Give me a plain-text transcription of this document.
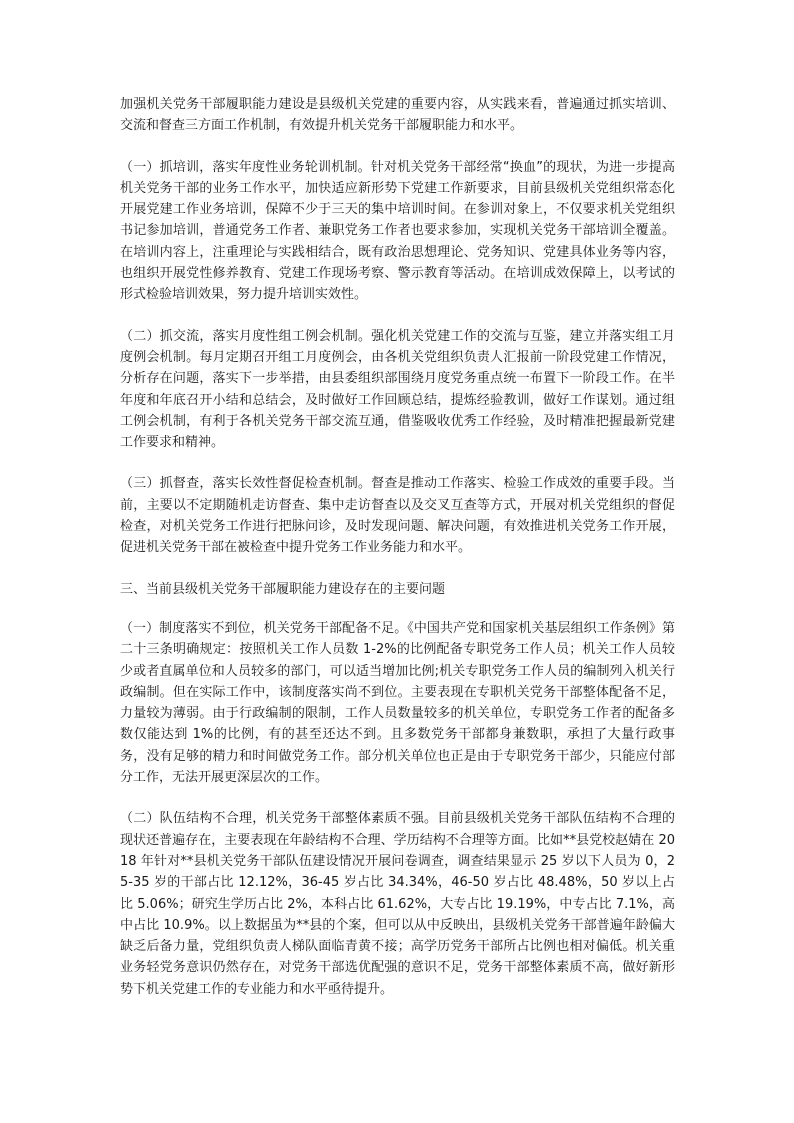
加强机关党务干部履职能力建设是县级机关党建的重要内容，从实践来看，普遍通过抓实培训、交流和督查三方面工作机制，有效提升机关党务干部履职能力和水平。

（一）抓培训，落实年度性业务轮训机制。针对机关党务干部经常“换血”的现状，为进一步提高机关党务干部的业务工作水平，加快适应新形势下党建工作新要求，目前县级机关党组织常态化开展党建工作业务培训，保障不少于三天的集中培训时间。在参训对象上，不仅要求机关党组织书记参加培训，普通党务工作者、兼职党务工作者也要求参加，实现机关党务干部培训全覆盖。在培训内容上，注重理论与实践相结合，既有政治思想理论、党务知识、党建具体业务等内容，也组织开展党性修养教育、党建工作现场考察、警示教育等活动。在培训成效保障上，以考试的形式检验培训效果，努力提升培训实效性。

（二）抓交流，落实月度性组工例会机制。强化机关党建工作的交流与互鉴，建立并落实组工月度例会机制。每月定期召开组工月度例会，由各机关党组织负责人汇报前一阶段党建工作情况，分析存在问题，落实下一步举措，由县委组织部围绕月度党务重点统一布置下一阶段工作。在半年度和年底召开小结和总结会，及时做好工作回顾总结，提炼经验教训，做好工作谋划。通过组工例会机制，有利于各机关党务干部交流互通，借鉴吸收优秀工作经验，及时精准把握最新党建工作要求和精神。

（三）抓督查，落实长效性督促检查机制。督查是推动工作落实、检验工作成效的重要手段。当前，主要以不定期随机走访督查、集中走访督查以及交叉互查等方式，开展对机关党组织的督促检查，对机关党务工作进行把脉问诊，及时发现问题、解决问题，有效推进机关党务工作开展，促进机关党务干部在被检查中提升党务工作业务能力和水平。

三、当前县级机关党务干部履职能力建设存在的主要问题

（一）制度落实不到位，机关党务干部配备不足。《中国共产党和国家机关基层组织工作条例》第二十三条明确规定：按照机关工作人员数 1-2%的比例配备专职党务工作人员；机关工作人员较少或者直属单位和人员较多的部门，可以适当增加比例;机关专职党务工作人员的编制列入机关行政编制。但在实际工作中，该制度落实尚不到位。主要表现在专职机关党务干部整体配备不足，力量较为薄弱。由于行政编制的限制，工作人员数量较多的机关单位，专职党务工作者的配备多数仅能达到 1%的比例，有的甚至还达不到。且多数党务干部都身兼数职，承担了大量行政事务，没有足够的精力和时间做党务工作。部分机关单位也正是由于专职党务干部少，只能应付部分工作，无法开展更深层次的工作。

（二）队伍结构不合理，机关党务干部整体素质不强。目前县级机关党务干部队伍结构不合理的现状还普遍存在，主要表现在年龄结构不合理、学历结构不合理等方面。比如**县党校赵婧在 2018 年针对**县机关党务干部队伍建设情况开展问卷调查，调查结果显示 25 岁以下人员为 0，25-35 岁的干部占比 12.12%，36-45 岁占比 34.34%，46-50 岁占比 48.48%，50 岁以上占比 5.06%；研究生学历占比 2%，本科占比 61.62%，大专占比 19.19%，中专占比 7.1%，高中占比 10.9%。以上数据虽为**县的个案，但可以从中反映出，县级机关党务干部普遍年龄偏大缺乏后备力量，党组织负责人梯队面临青黄不接；高学历党务干部所占比例也相对偏低。机关重业务轻党务意识仍然存在，对党务干部选优配强的意识不足，党务干部整体素质不高，做好新形势下机关党建工作的专业能力和水平亟待提升。
